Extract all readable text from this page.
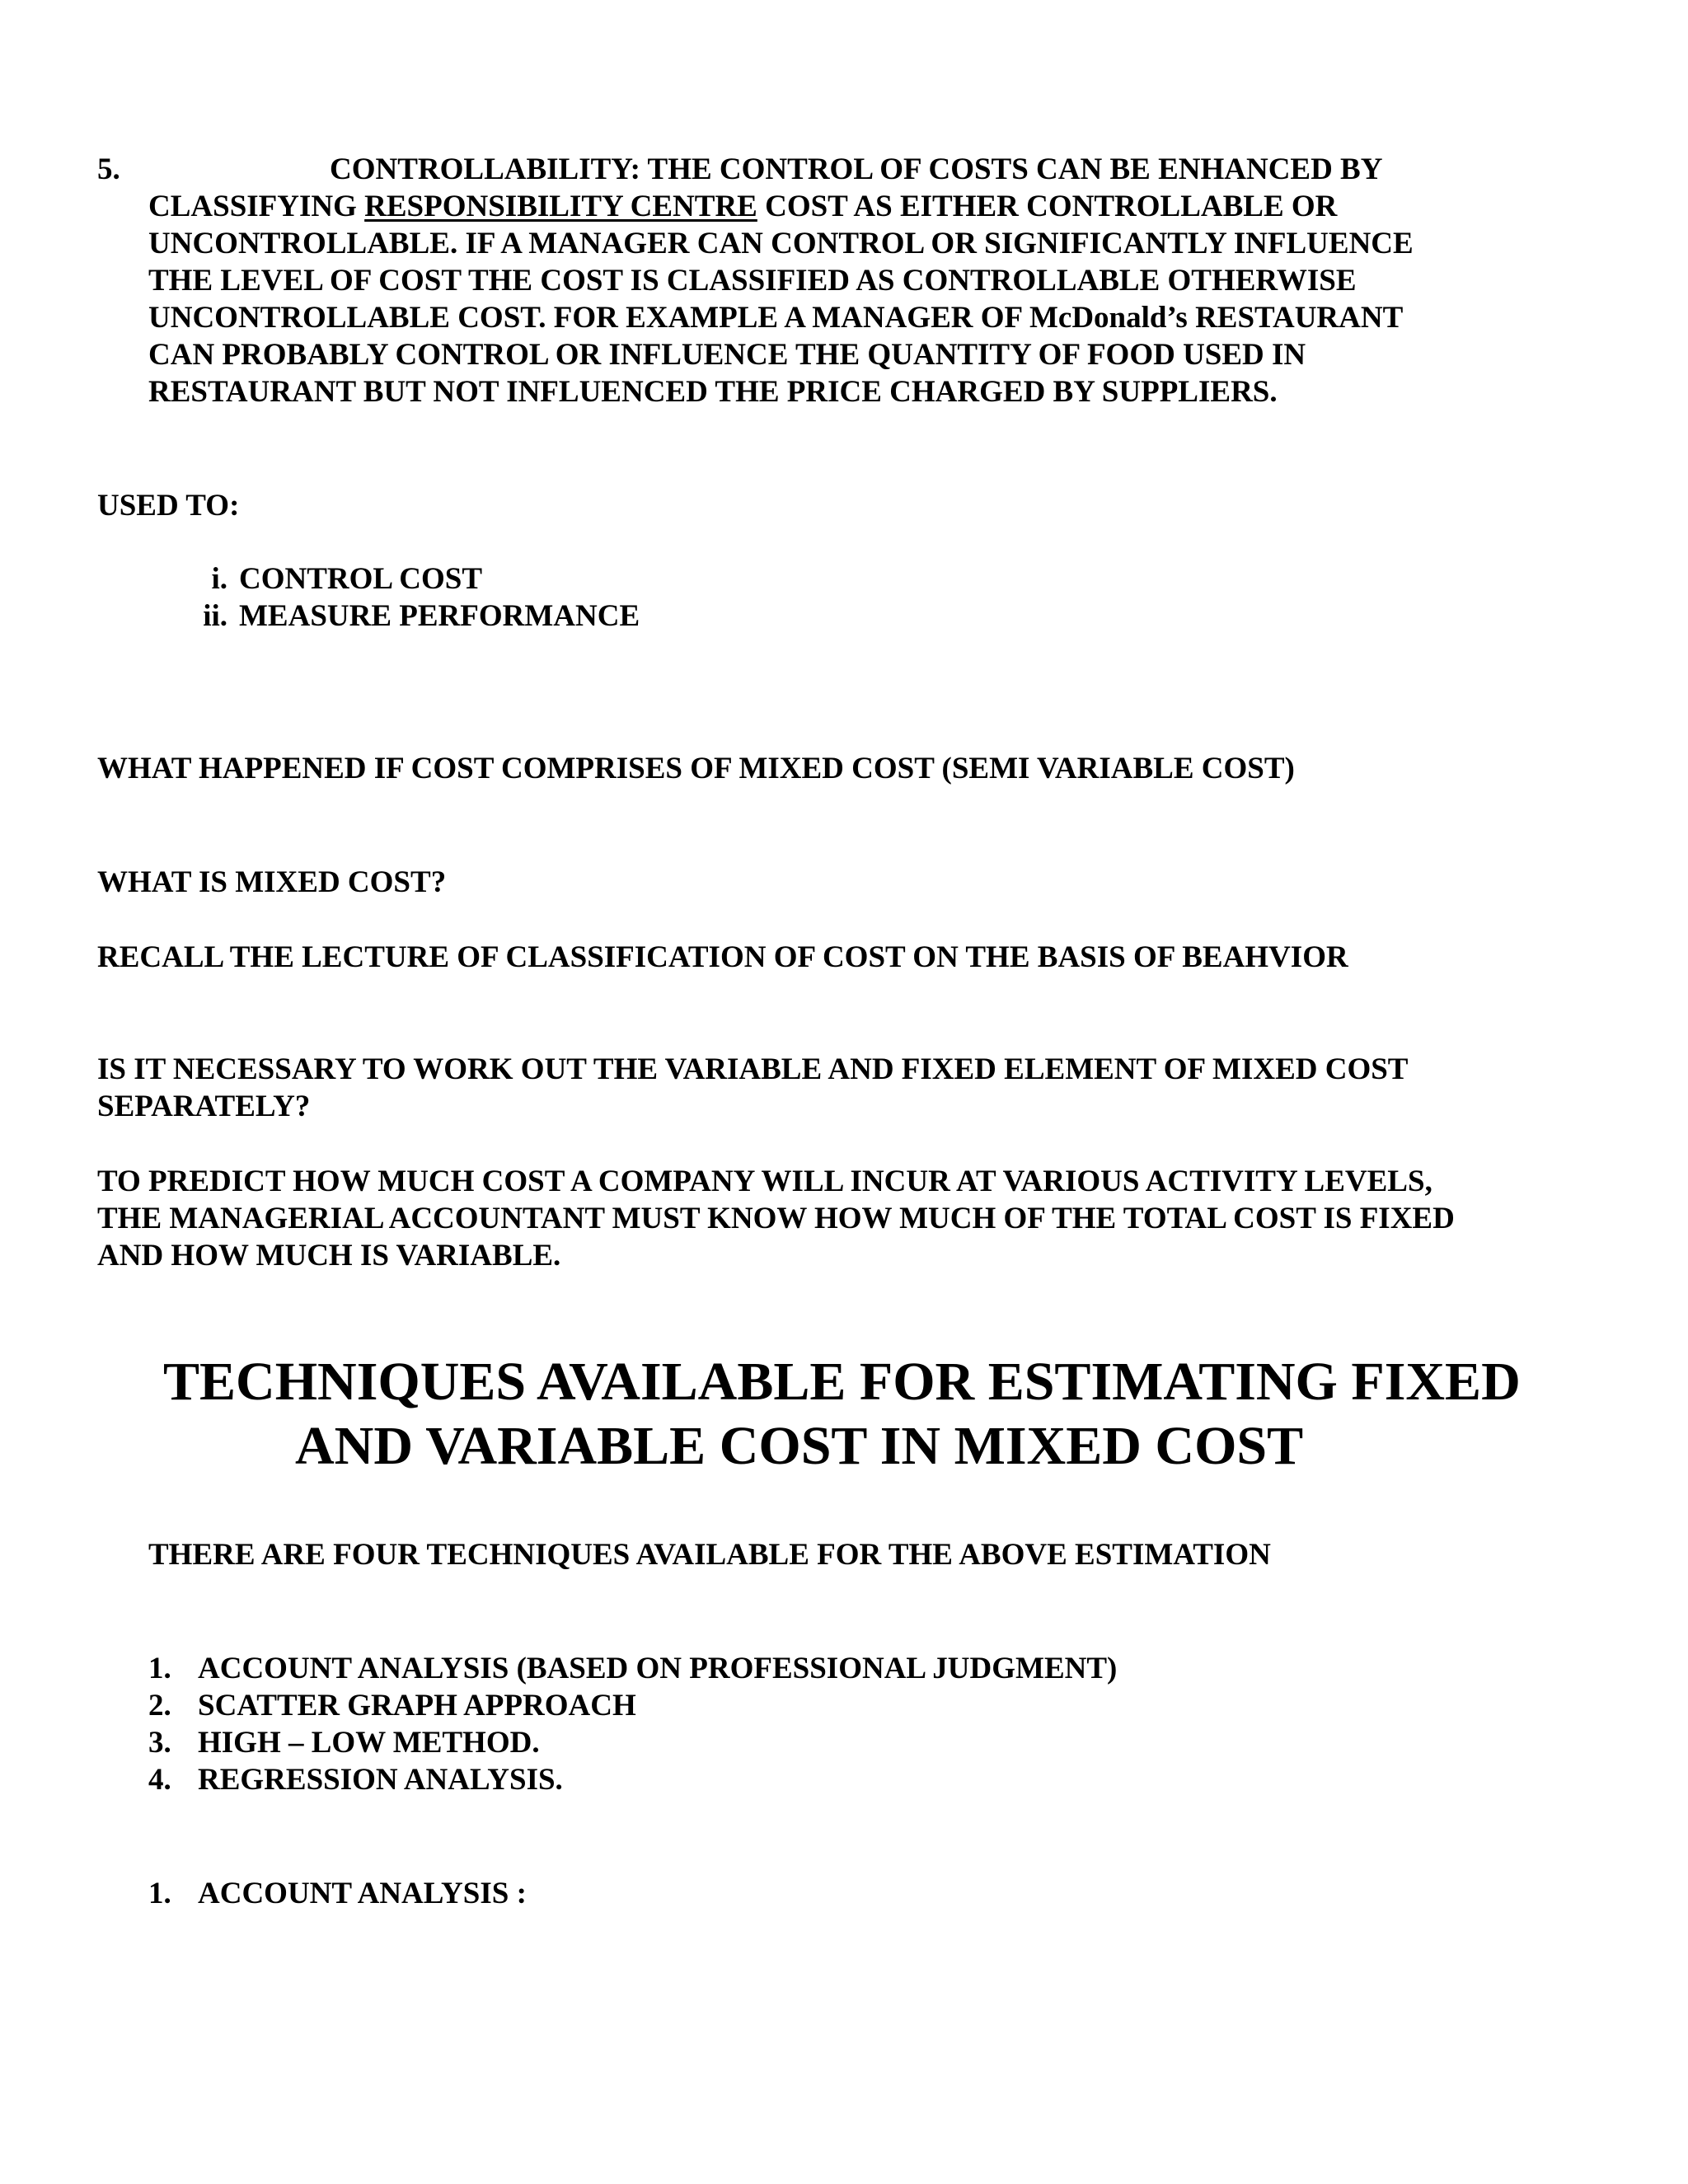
5.	CONTROLLABILITY: THE CONTROL OF COSTS CAN BE ENHANCED BY
CLASSIFYING RESPONSIBILITY CENTRE COST AS EITHER CONTROLLABLE OR
UNCONTROLLABLE. IF A MANAGER CAN CONTROL OR SIGNIFICANTLY INFLUENCE
THE LEVEL OF COST THE COST IS CLASSIFIED AS CONTROLLABLE OTHERWISE
UNCONTROLLABLE COST. FOR EXAMPLE A MANAGER OF McDonald’s RESTAURANT
CAN PROBABLY CONTROL OR INFLUENCE THE QUANTITY OF FOOD USED IN
RESTAURANT BUT NOT INFLUENCED THE PRICE CHARGED BY SUPPLIERS.
USED TO:
i. CONTROL COST
ii. MEASURE PERFORMANCE
WHAT HAPPENED IF COST COMPRISES OF MIXED COST (SEMI VARIABLE COST)
WHAT IS MIXED COST?
RECALL THE LECTURE OF CLASSIFICATION OF COST ON THE BASIS OF BEAHVIOR
IS IT NECESSARY TO WORK OUT THE VARIABLE AND FIXED ELEMENT OF MIXED COST
SEPARATELY?
TO PREDICT HOW MUCH COST A COMPANY WILL INCUR AT VARIOUS ACTIVITY LEVELS,
THE MANAGERIAL ACCOUNTANT MUST KNOW HOW MUCH OF THE TOTAL COST IS FIXED
AND HOW MUCH IS VARIABLE.
TECHNIQUES AVAILABLE FOR ESTIMATING FIXED
AND VARIABLE COST IN MIXED COST
THERE ARE FOUR TECHNIQUES AVAILABLE FOR THE ABOVE ESTIMATION
1. ACCOUNT ANALYSIS (BASED ON PROFESSIONAL JUDGMENT)
2. SCATTER GRAPH APPROACH
3. HIGH – LOW METHOD.
4. REGRESSION ANALYSIS.
1. ACCOUNT ANALYSIS :
